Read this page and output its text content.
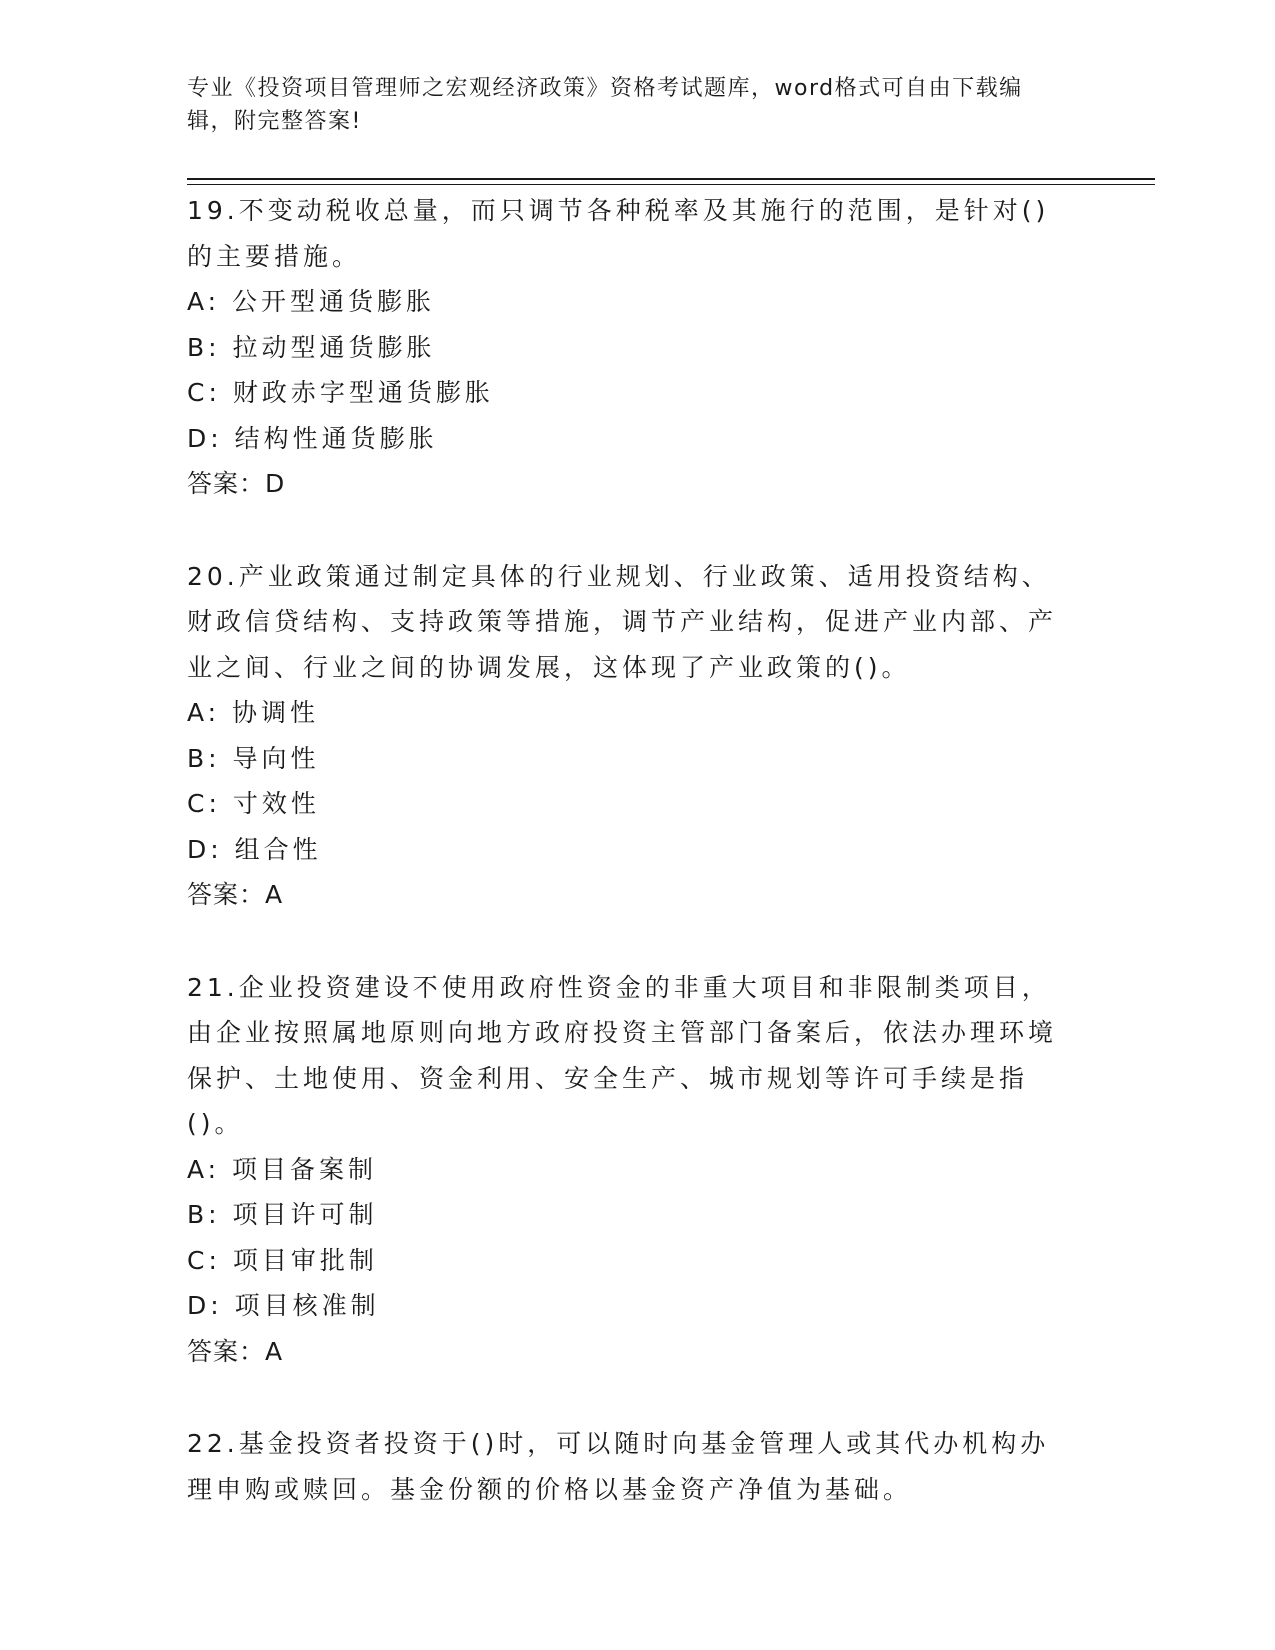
专业《投资项目管理师之宏观经济政策》资格考试题库，word格式可自由下载编辑，附完整答案!

19.不变动税收总量，而只调节各种税率及其施行的范围，是针对()的主要措施。

A: 公开型通货膨胀

B: 拉动型通货膨胀

C: 财政赤字型通货膨胀

D: 结构性通货膨胀

答案：D

20.产业政策通过制定具体的行业规划、行业政策、适用投资结构、财政信贷结构、支持政策等措施，调节产业结构，促进产业内部、产业之间、行业之间的协调发展，这体现了产业政策的()。

A: 协调性

B: 导向性

C: 寸效性

D: 组合性

答案：A

21.企业投资建设不使用政府性资金的非重大项目和非限制类项目，由企业按照属地原则向地方政府投资主管部门备案后，依法办理环境保护、土地使用、资金利用、安全生产、城市规划等许可手续是指()。

A: 项目备案制

B: 项目许可制

C: 项目审批制

D: 项目核准制

答案：A

22.基金投资者投资于()时，可以随时向基金管理人或其代办机构办理申购或赎回。基金份额的价格以基金资产净值为基础。
